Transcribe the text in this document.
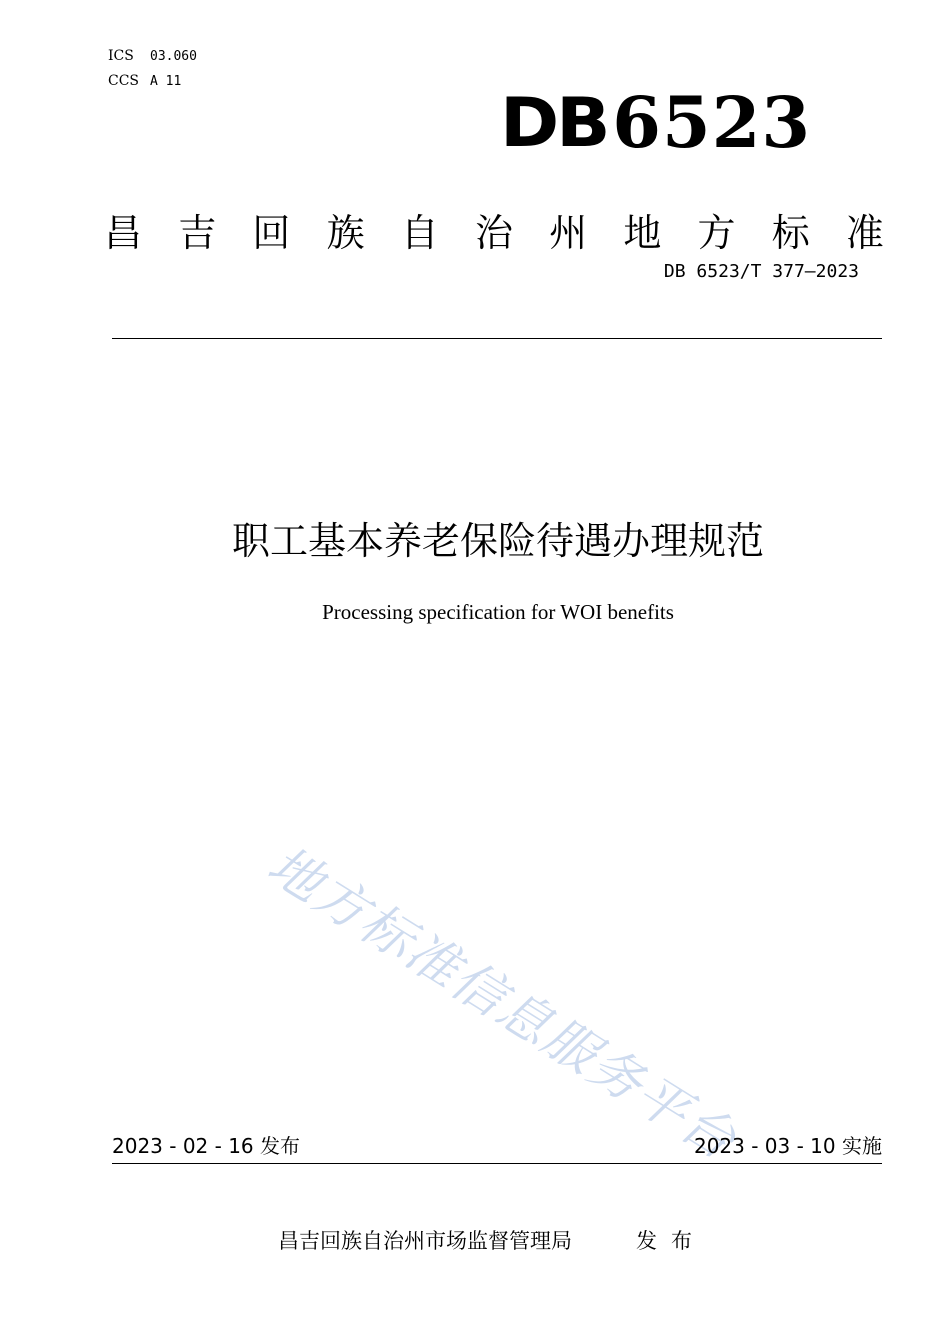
ICS	03.060
CCS A 11
DB 6523
昌 吉 回 族 自 治 州 地 方 标 准
DB 6523/T 377—2023
职工基本养老保险待遇办理规范
Processing specification for WOI benefits
地方标准信息服务平台
2023 - 02 - 16 发布	2023 - 03 - 10 实施
昌吉回族自治州市场监督管理局	发布
